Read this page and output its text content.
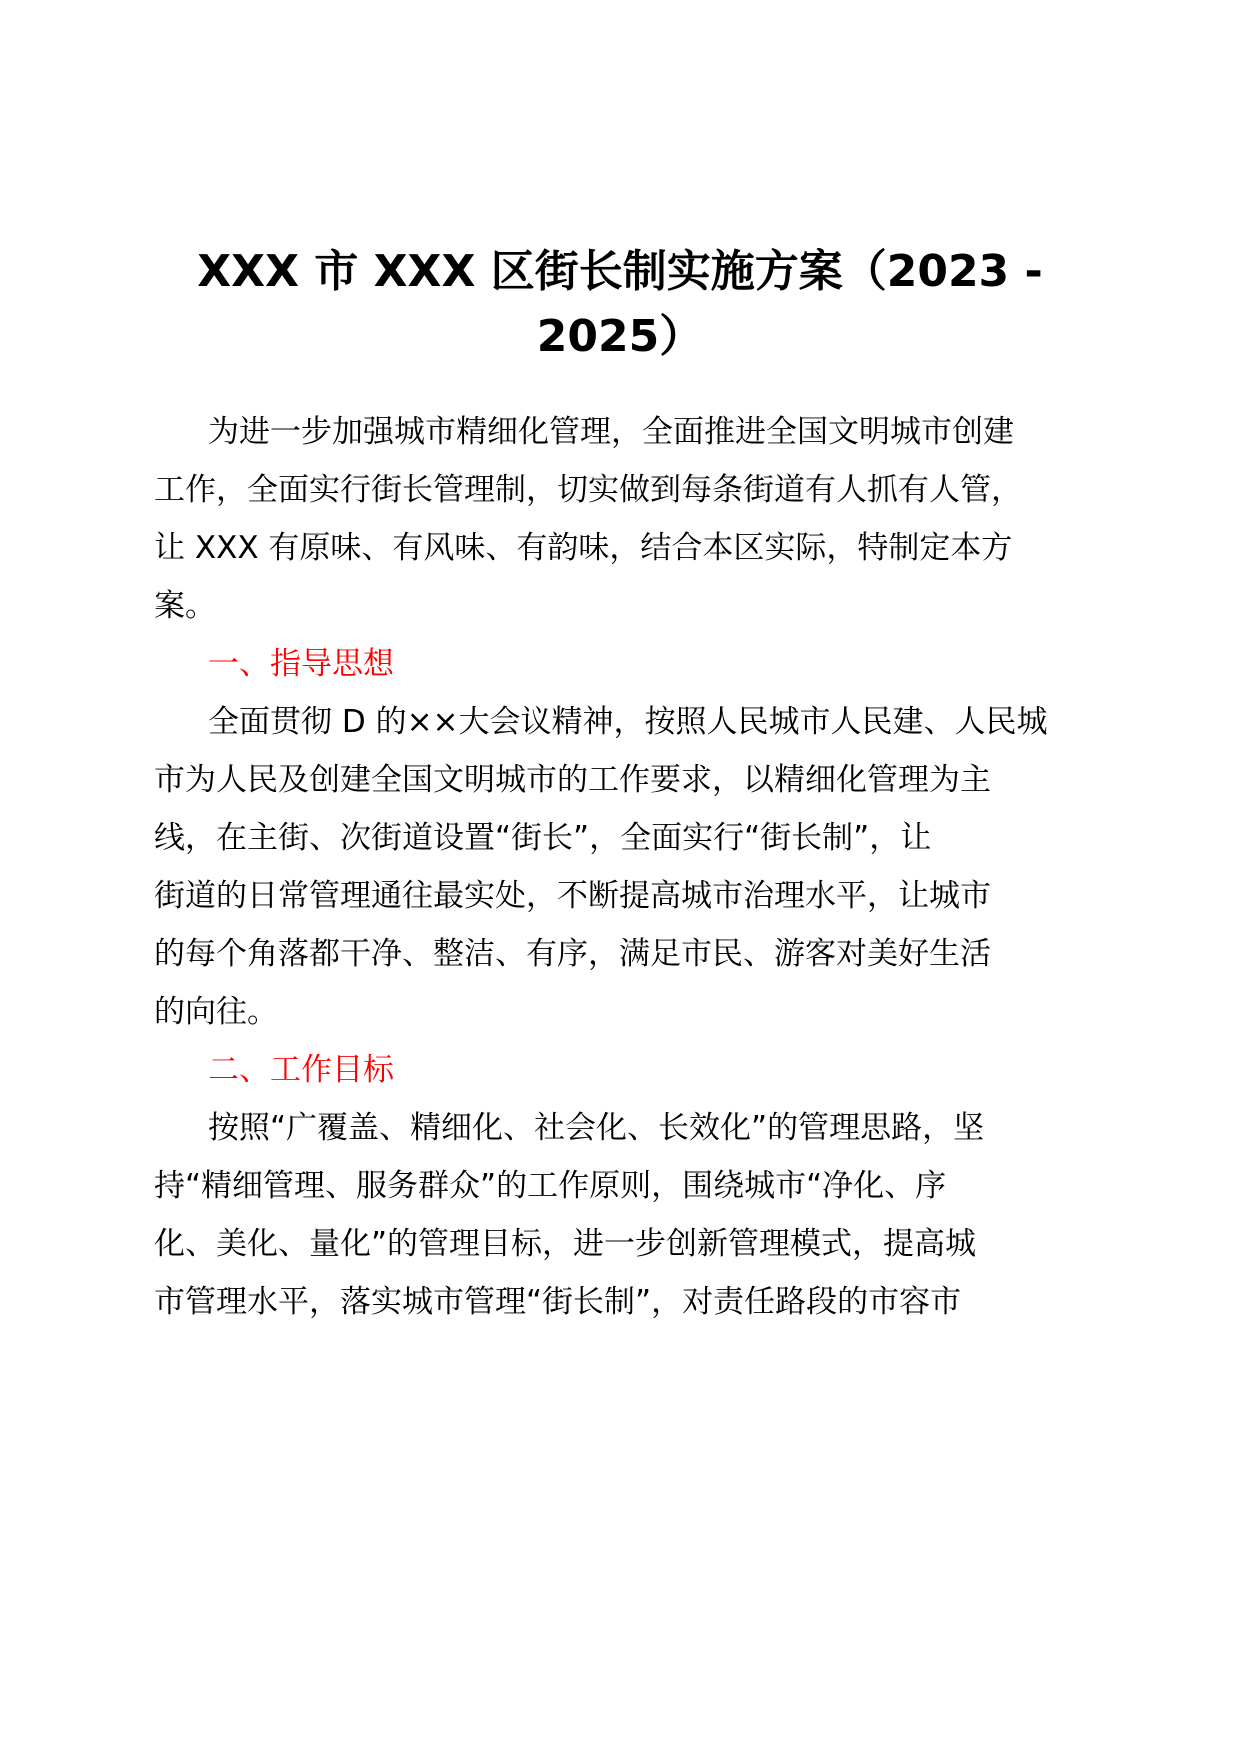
XXX 市 XXX 区街长制实施方案（2023 -
2025）

为进一步加强城市精细化管理，全面推进全国文明城市创建

工作，全面实行街长管理制，切实做到每条街道有人抓有人管，

让 XXX 有原味、有风味、有韵味，结合本区实际，特制定本方

案。

一、指导思想

全面贯彻 D 的××大会议精神，按照人民城市人民建、人民城

市为人民及创建全国文明城市的工作要求，以精细化管理为主

线，在主街、次街道设置“街长”，全面实行“街长制”，让

街道的日常管理通往最实处，不断提高城市治理水平，让城市

的每个角落都干净、整洁、有序，满足市民、游客对美好生活

的向往。

二、工作目标

按照“广覆盖、精细化、社会化、长效化”的管理思路，坚

持“精细管理、服务群众”的工作原则，围绕城市“净化、序

化、美化、量化”的管理目标，进一步创新管理模式，提高城

市管理水平，落实城市管理“街长制”，对责任路段的市容市
